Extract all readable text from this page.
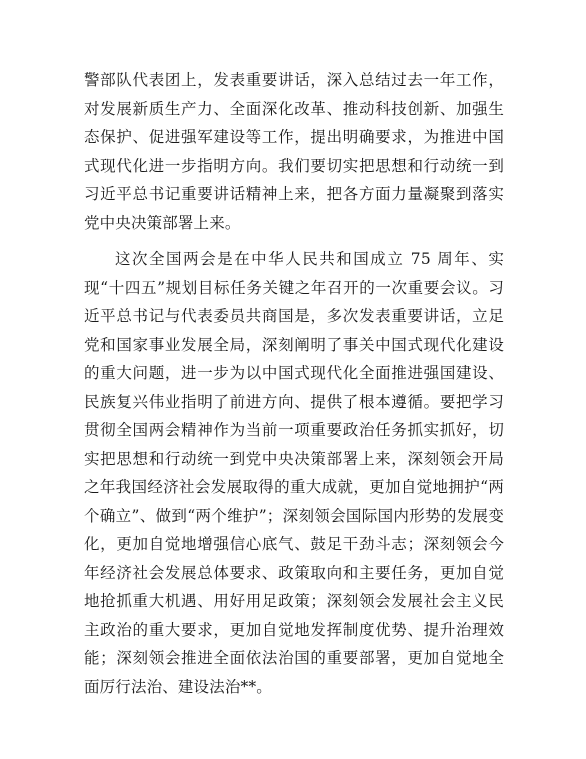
警部队代表团上，发表重要讲话，深入总结过去一年工作，对发展新质生产力、全面深化改革、推动科技创新、加强生态保护、促进强军建设等工作，提出明确要求，为推进中国式现代化进一步指明方向。我们要切实把思想和行动统一到习近平总书记重要讲话精神上来，把各方面力量凝聚到落实党中央决策部署上来。

这次全国两会是在中华人民共和国成立 75 周年、实现“十四五”规划目标任务关键之年召开的一次重要会议。习近平总书记与代表委员共商国是，多次发表重要讲话，立足党和国家事业发展全局，深刻阐明了事关中国式现代化建设的重大问题，进一步为以中国式现代化全面推进强国建设、民族复兴伟业指明了前进方向、提供了根本遵循。要把学习贯彻全国两会精神作为当前一项重要政治任务抓实抓好，切实把思想和行动统一到党中央决策部署上来，深刻领会开局之年我国经济社会发展取得的重大成就，更加自觉地拥护“两个确立”、做到“两个维护”；深刻领会国际国内形势的发展变化，更加自觉地增强信心底气、鼓足干劲斗志；深刻领会今年经济社会发展总体要求、政策取向和主要任务，更加自觉地抢抓重大机遇、用好用足政策；深刻领会发展社会主义民主政治的重大要求，更加自觉地发挥制度优势、提升治理效能；深刻领会推进全面依法治国的重要部署，更加自觉地全面厉行法治、建设法治**。
